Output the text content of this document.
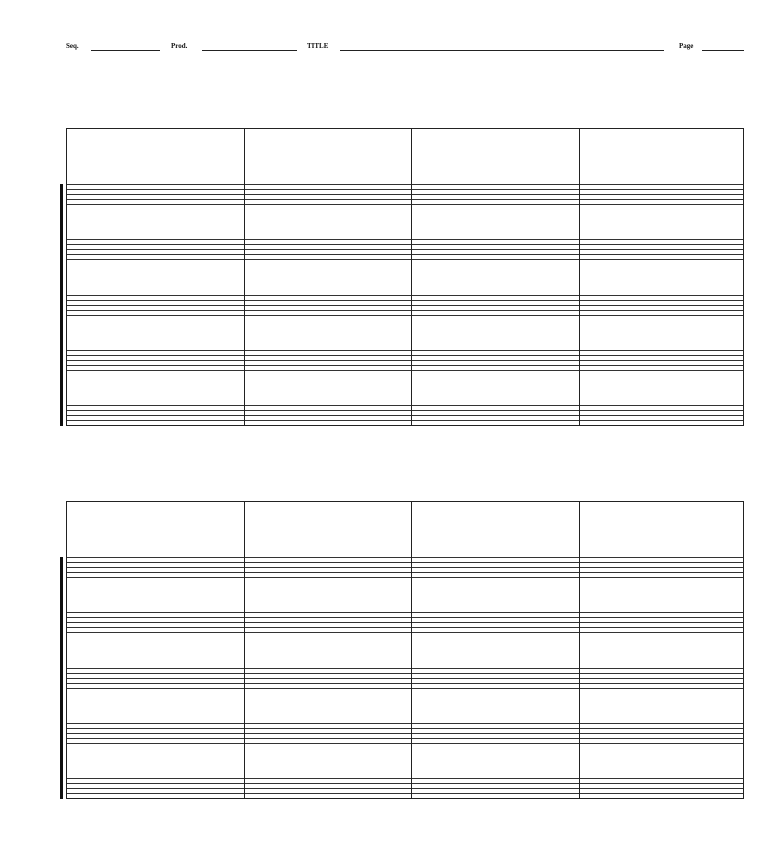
Seq.	Prod.	TITLE	Page
